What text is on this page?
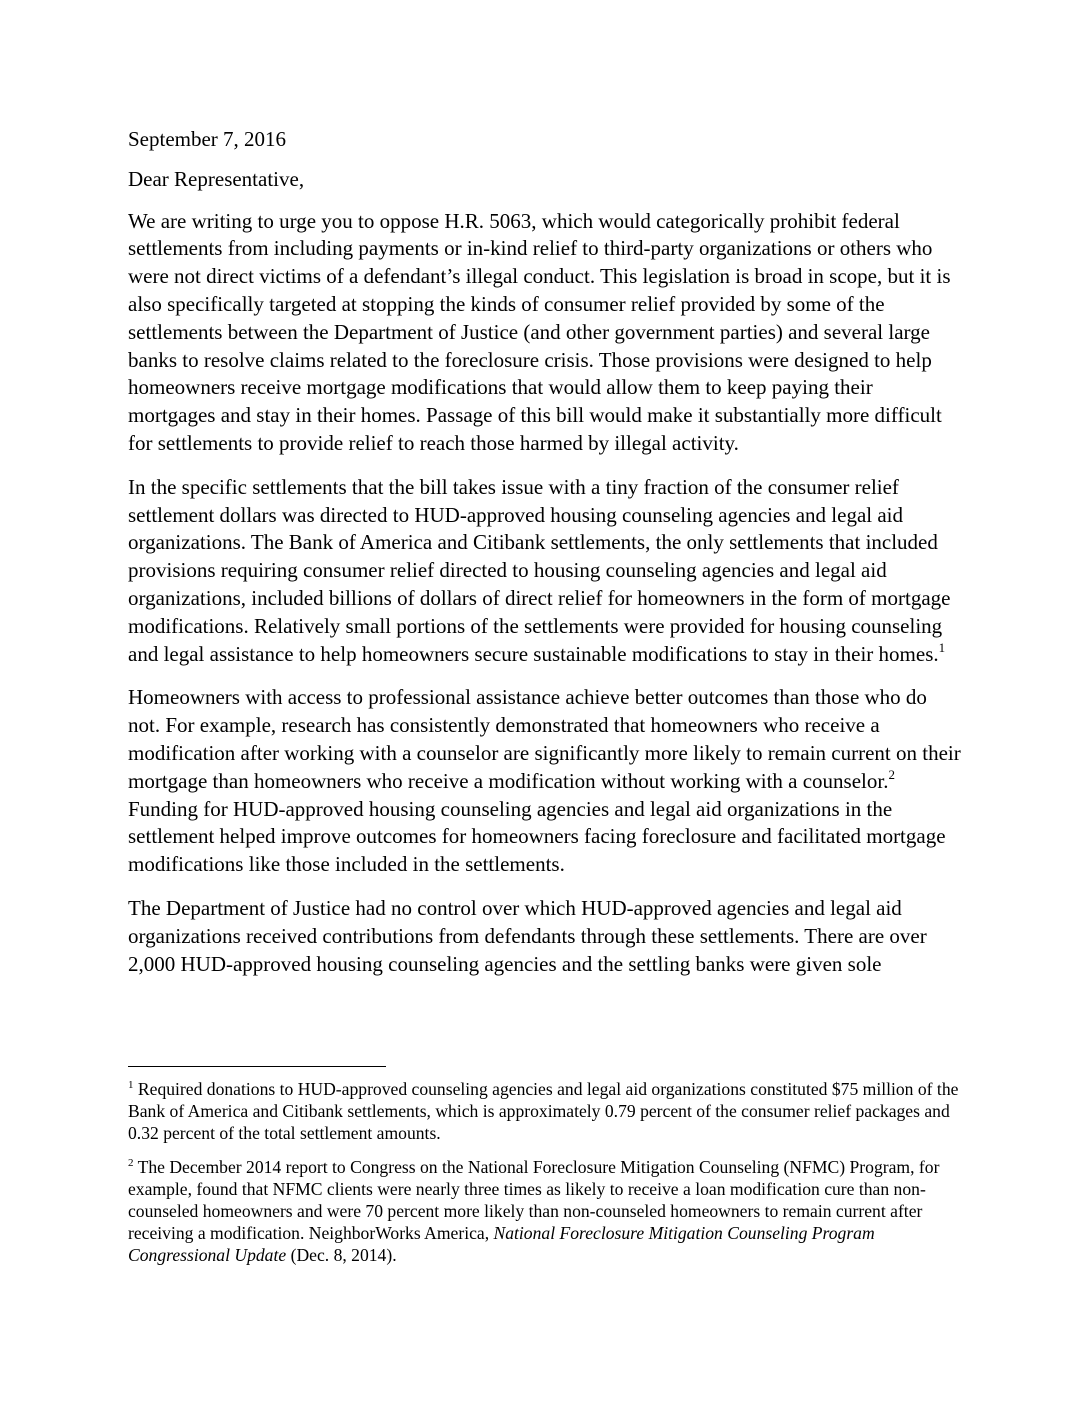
September 7, 2016

Dear Representative,

We are writing to urge you to oppose H.R. 5063, which would categorically prohibit federal settlements from including payments or in-kind relief to third-party organizations or others who were not direct victims of a defendant’s illegal conduct. This legislation is broad in scope, but it is also specifically targeted at stopping the kinds of consumer relief provided by some of the settlements between the Department of Justice (and other government parties) and several large banks to resolve claims related to the foreclosure crisis. Those provisions were designed to help homeowners receive mortgage modifications that would allow them to keep paying their mortgages and stay in their homes. Passage of this bill would make it substantially more difficult for settlements to provide relief to reach those harmed by illegal activity.

In the specific settlements that the bill takes issue with a tiny fraction of the consumer relief settlement dollars was directed to HUD-approved housing counseling agencies and legal aid organizations. The Bank of America and Citibank settlements, the only settlements that included provisions requiring consumer relief directed to housing counseling agencies and legal aid organizations, included billions of dollars of direct relief for homeowners in the form of mortgage modifications. Relatively small portions of the settlements were provided for housing counseling and legal assistance to help homeowners secure sustainable modifications to stay in their homes.$^1$

Homeowners with access to professional assistance achieve better outcomes than those who do not. For example, research has consistently demonstrated that homeowners who receive a modification after working with a counselor are significantly more likely to remain current on their mortgage than homeowners who receive a modification without working with a counselor.$^2$ Funding for HUD-approved housing counseling agencies and legal aid organizations in the settlement helped improve outcomes for homeowners facing foreclosure and facilitated mortgage modifications like those included in the settlements.

The Department of Justice had no control over which HUD-approved agencies and legal aid organizations received contributions from defendants through these settlements. There are over 2,000 HUD-approved housing counseling agencies and the settling banks were given sole

$^1$ Required donations to HUD-approved counseling agencies and legal aid organizations constituted $75 million of the Bank of America and Citibank settlements, which is approximately 0.79 percent of the consumer relief packages and 0.32 percent of the total settlement amounts.

$^2$ The December 2014 report to Congress on the National Foreclosure Mitigation Counseling (NFMC) Program, for example, found that NFMC clients were nearly three times as likely to receive a loan modification cure than non-counseled homeowners and were 70 percent more likely than non-counseled homeowners to remain current after receiving a modification. NeighborWorks America, National Foreclosure Mitigation Counseling Program Congressional Update (Dec. 8, 2014).
